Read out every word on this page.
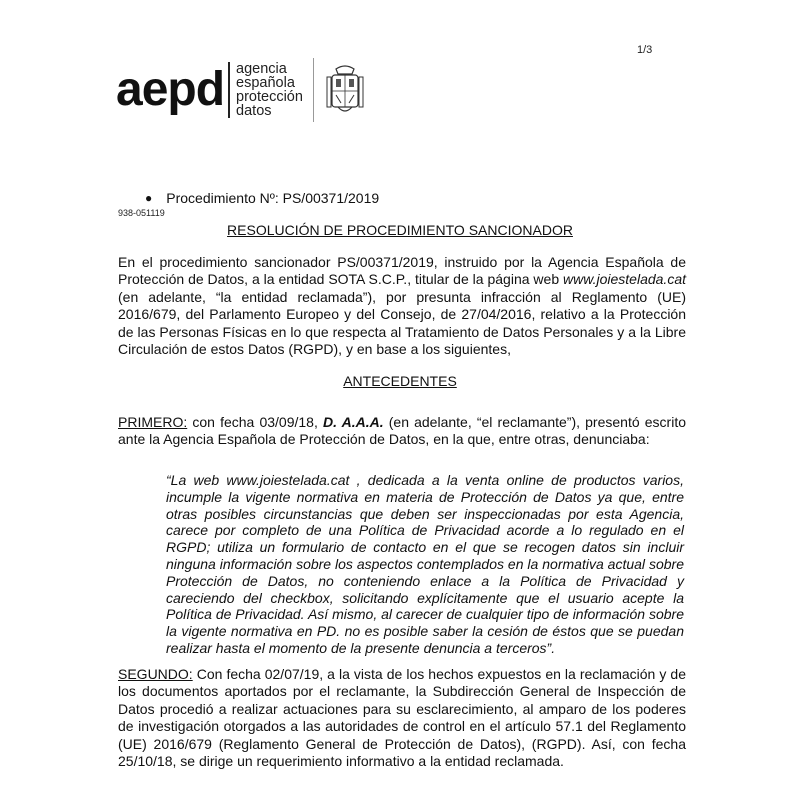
1/3
aepd agencia
española
protección
datos
● Procedimiento Nº: PS/00371/2019
938-051119
RESOLUCIÓN DE PROCEDIMIENTO SANCIONADOR
En el procedimiento sancionador PS/00371/2019, instruido por la Agencia Española de Protección de Datos, a la entidad SOTA S.C.P., titular de la página web www.joiestelada.cat (en adelante, “la entidad reclamada”), por presunta infracción al Reglamento (UE) 2016/679, del Parlamento Europeo y del Consejo, de 27/04/2016, relativo a la Protección de las Personas Físicas en lo que respecta al Tratamiento de Datos Personales y a la Libre Circulación de estos Datos (RGPD), y en base a los siguientes,
ANTECEDENTES
PRIMERO: con fecha 03/09/18, D. A.A.A. (en adelante, “el reclamante”), presentó escrito ante la Agencia Española de Protección de Datos, en la que, entre otras, denunciaba:
“La web www.joiestelada.cat , dedicada a la venta online de productos varios, incumple la vigente normativa en materia de Protección de Datos ya que, entre otras posibles circunstancias que deben ser inspeccionadas por esta Agencia, carece por completo de una Política de Privacidad acorde a lo regulado en el RGPD; utiliza un formulario de contacto en el que se recogen datos sin incluir ninguna información sobre los aspectos contemplados en la normativa actual sobre Protección de Datos, no conteniendo enlace a la Política de Privacidad y careciendo del checkbox, solicitando explícitamente que el usuario acepte la Política de Privacidad. Así mismo, al carecer de cualquier tipo de información sobre la vigente normativa en PD. no es posible saber la cesión de éstos que se puedan realizar hasta el momento de la presente denuncia a terceros”.
SEGUNDO: Con fecha 02/07/19, a la vista de los hechos expuestos en la reclamación y de los documentos aportados por el reclamante, la Subdirección General de Inspección de Datos procedió a realizar actuaciones para su esclarecimiento, al amparo de los poderes de investigación otorgados a las autoridades de control en el artículo 57.1 del Reglamento (UE) 2016/679 (Reglamento General de Protección de Datos), (RGPD). Así, con fecha 25/10/18, se dirige un requerimiento informativo a la entidad reclamada.
